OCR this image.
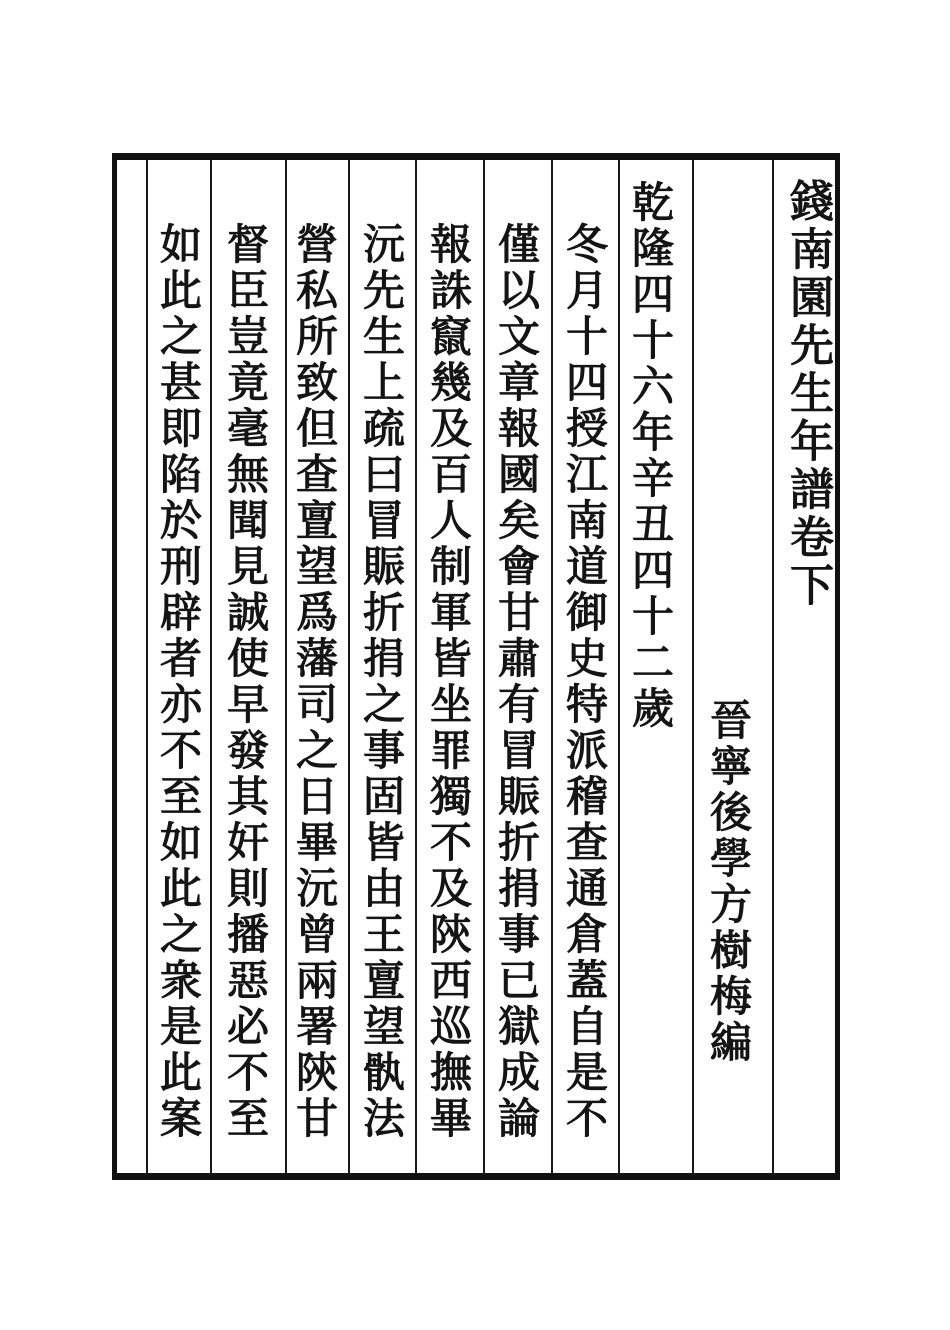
錢南園先生年譜卷下
晉寧後學方樹梅編
乾隆四十六年辛丑四十二歲
冬月十四授江南道御史特派稽查通倉蓋自是不
僅以文章報國矣會甘肅有冒賑折捐事已獄成論
報誅竄幾及百人制軍皆坐罪獨不及陝西巡撫畢
沅先生上疏曰冒賑折捐之事固皆由王亶望骫法
營私所致但查亶望爲藩司之日畢沅曾兩署陝甘
督臣豈竟毫無聞見誠使早發其奸則播惡必不至
如此之甚即陷於刑辟者亦不至如此之衆是此案
